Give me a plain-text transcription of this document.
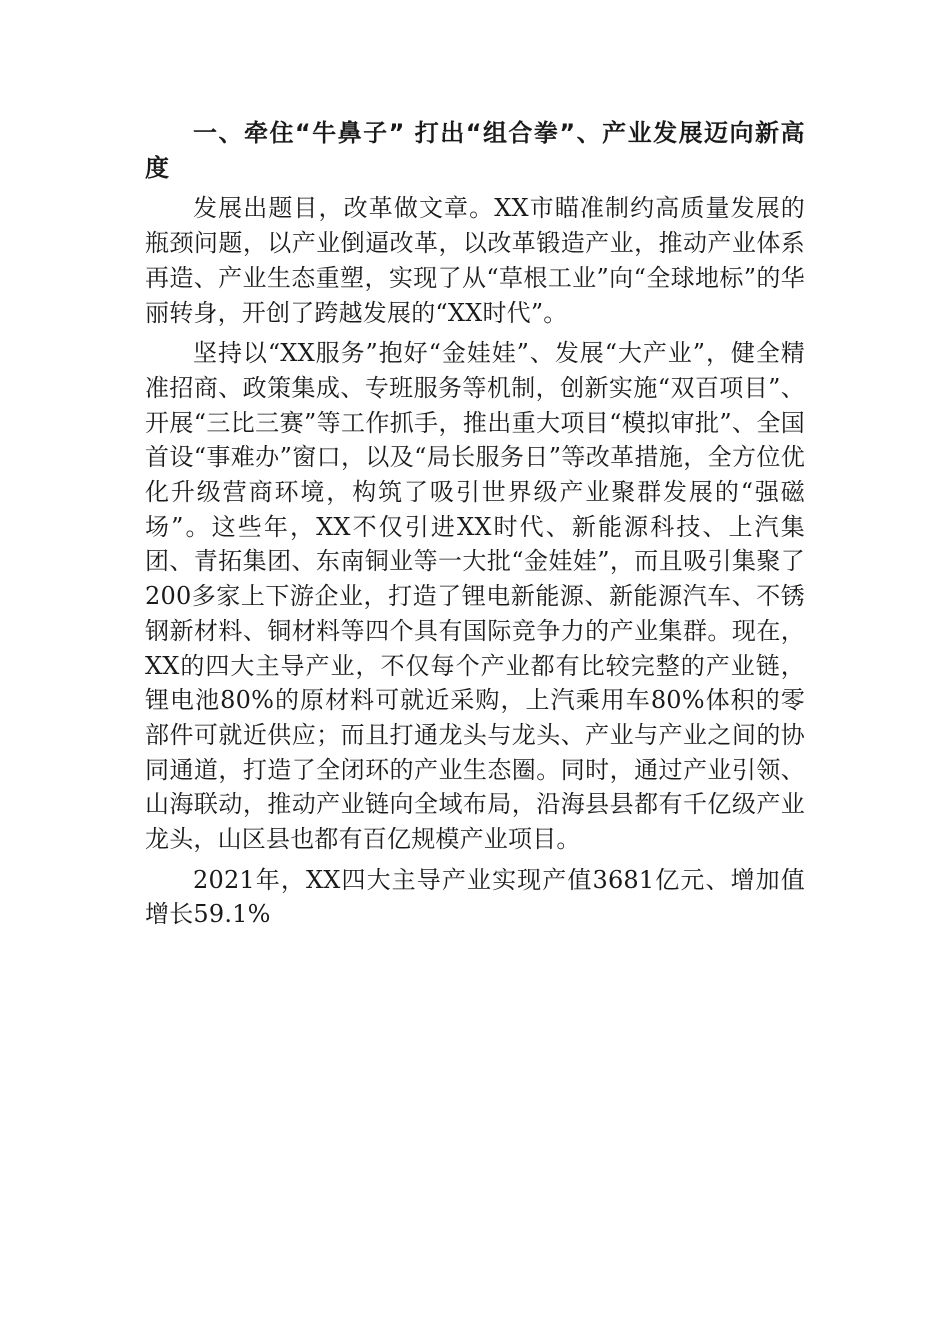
一、牵住“牛鼻子” 打出“组合拳”、产业发展迈向新高度

发展出题目，改革做文章。XX市瞄准制约高质量发展的瓶颈问题，以产业倒逼改革，以改革锻造产业，推动产业体系再造、产业生态重塑，实现了从“草根工业”向“全球地标”的华丽转身，开创了跨越发展的“XX时代”。

坚持以“XX服务”抱好“金娃娃”、发展“大产业”，健全精准招商、政策集成、专班服务等机制，创新实施“双百项目”、开展“三比三赛”等工作抓手，推出重大项目“模拟审批”、全国首设“事难办”窗口，以及“局长服务日”等改革措施，全方位优化升级营商环境，构筑了吸引世界级产业聚群发展的“强磁场”。这些年，XX不仅引进XX时代、新能源科技、上汽集团、青拓集团、东南铜业等一大批“金娃娃”，而且吸引集聚了200多家上下游企业，打造了锂电新能源、新能源汽车、不锈钢新材料、铜材料等四个具有国际竞争力的产业集群。现在，XX的四大主导产业，不仅每个产业都有比较完整的产业链，锂电池80%的原材料可就近采购，上汽乘用车80%体积的零部件可就近供应；而且打通龙头与龙头、产业与产业之间的协同通道，打造了全闭环的产业生态圈。同时，通过产业引领、山海联动，推动产业链向全域布局，沿海县县都有千亿级产业龙头，山区县也都有百亿规模产业项目。

2021年，XX四大主导产业实现产值3681亿元、增加值增长59.1%
